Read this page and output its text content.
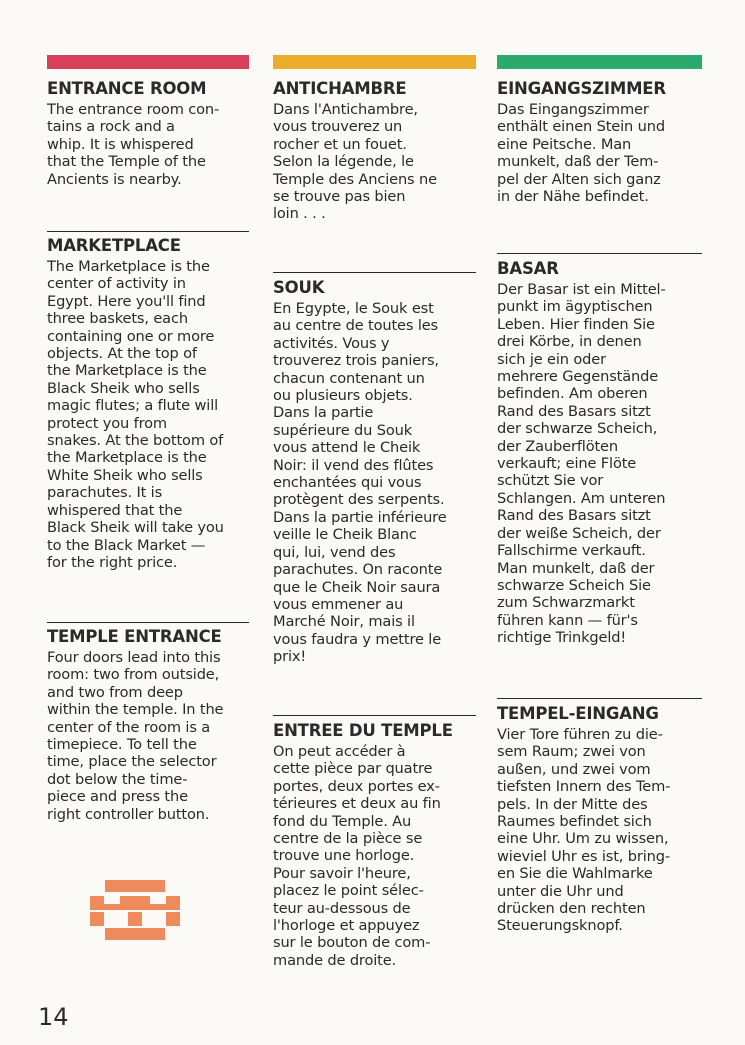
ENTRANCE ROOM

The entrance room con-
tains a rock and a
whip. It is whispered
that the Temple of the
Ancients is nearby.

MARKETPLACE

The Marketplace is the
center of activity in
Egypt. Here you'll find
three baskets, each
containing one or more
objects. At the top of
the Marketplace is the
Black Sheik who sells
magic flutes; a flute will
protect you from
snakes. At the bottom of
the Marketplace is the
White Sheik who sells
parachutes. It is
whispered that the
Black Sheik will take you
to the Black Market —
for the right price.

TEMPLE ENTRANCE

Four doors lead into this
room: two from outside,
and two from deep
within the temple. In the
center of the room is a
timepiece. To tell the
time, place the selector
dot below the time-
piece and press the
right controller button.

ANTICHAMBRE

Dans l'Antichambre,
vous trouverez un
rocher et un fouet.
Selon la légende, le
Temple des Anciens ne
se trouve pas bien
loin . . .

SOUK

En Egypte, le Souk est
au centre de toutes les
activités. Vous y
trouverez trois paniers,
chacun contenant un
ou plusieurs objets.
Dans la partie
supérieure du Souk
vous attend le Cheik
Noir: il vend des flûtes
enchantées qui vous
protègent des serpents.
Dans la partie inférieure
veille le Cheik Blanc
qui, lui, vend des
parachutes. On raconte
que le Cheik Noir saura
vous emmener au
Marché Noir, mais il
vous faudra y mettre le
prix!

ENTREE DU TEMPLE

On peut accéder à
cette pièce par quatre
portes, deux portes ex-
térieures et deux au fin
fond du Temple. Au
centre de la pièce se
trouve une horloge.
Pour savoir l'heure,
placez le point sélec-
teur au-dessous de
l'horloge et appuyez
sur le bouton de com-
mande de droite.

EINGANGSZIMMER

Das Eingangszimmer
enthält einen Stein und
eine Peitsche. Man
munkelt, daß der Tem-
pel der Alten sich ganz
in der Nähe befindet.

BASAR

Der Basar ist ein Mittel-
punkt im ägyptischen
Leben. Hier finden Sie
drei Körbe, in denen
sich je ein oder
mehrere Gegenstände
befinden. Am oberen
Rand des Basars sitzt
der schwarze Scheich,
der Zauberflöten
verkauft; eine Flöte
schützt Sie vor
Schlangen. Am unteren
Rand des Basars sitzt
der weiße Scheich, der
Fallschirme verkauft.
Man munkelt, daß der
schwarze Scheich Sie
zum Schwarzmarkt
führen kann — für's
richtige Trinkgeld!

TEMPEL-EINGANG

Vier Tore führen zu die-
sem Raum; zwei von
außen, und zwei vom
tiefsten Innern des Tem-
pels. In der Mitte des
Raumes befindet sich
eine Uhr. Um zu wissen,
wieviel Uhr es ist, bring-
en Sie die Wahlmarke
unter die Uhr und
drücken den rechten
Steuerungsknopf.

14
